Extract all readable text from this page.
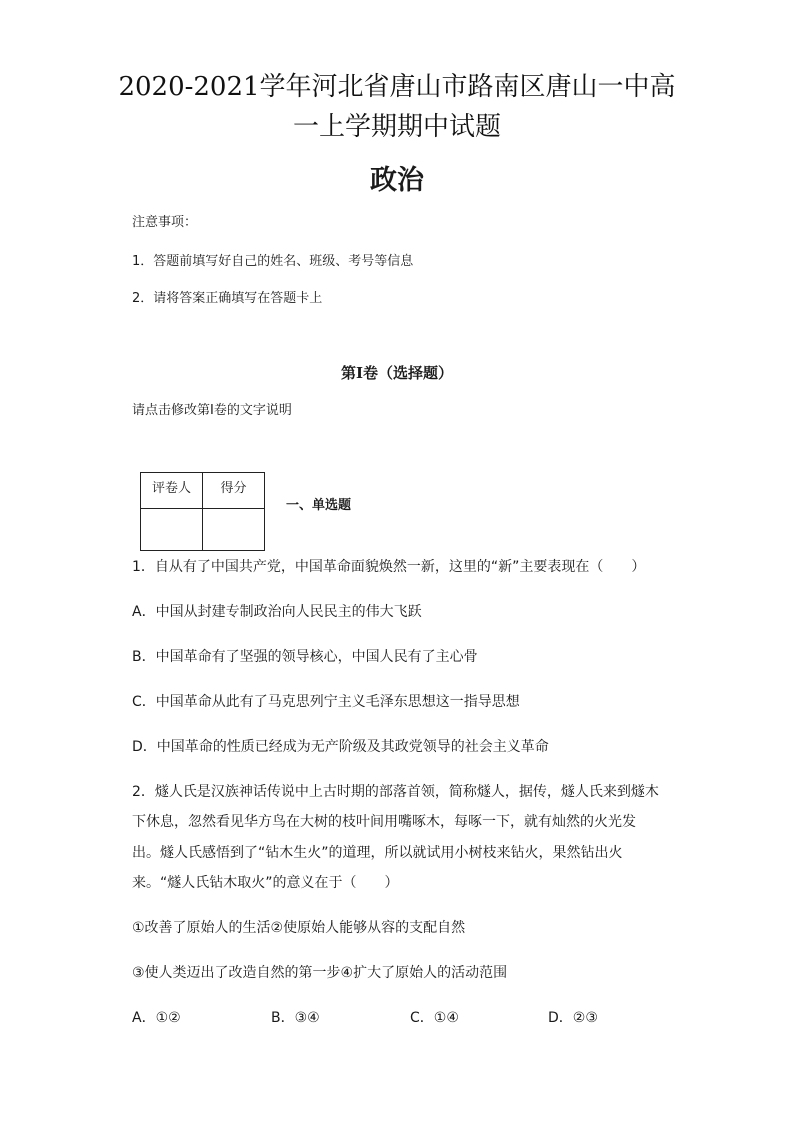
2020-2021学年河北省唐山市路南区唐山一中高
一上学期期中试题
政治
注意事项：
1．答题前填写好自己的姓名、班级、考号等信息
2．请将答案正确填写在答题卡上
第I卷（选择题）
请点击修改第I卷的文字说明
评卷人	得分

一、单选题
1．自从有了中国共产党，中国革命面貌焕然一新，这里的“新”主要表现在（　　）
A．中国从封建专制政治向人民民主的伟大飞跃
B．中国革命有了坚强的领导核心，中国人民有了主心骨
C．中国革命从此有了马克思列宁主义毛泽东思想这一指导思想
D．中国革命的性质已经成为无产阶级及其政党领导的社会主义革命
2．燧人氏是汉族神话传说中上古时期的部落首领，简称燧人，据传，燧人氏来到燧木
下休息，忽然看见华方鸟在大树的枝叶间用嘴啄木，每啄一下，就有灿然的火光发
出。燧人氏感悟到了“钻木生火”的道理，所以就试用小树枝来钻火，果然钻出火
来。“燧人氏钻木取火”的意义在于（　　）
①改善了原始人的生活②使原始人能够从容的支配自然
③使人类迈出了改造自然的第一步④扩大了原始人的活动范围
A．①②	B．③④	C．①④	D．②③
